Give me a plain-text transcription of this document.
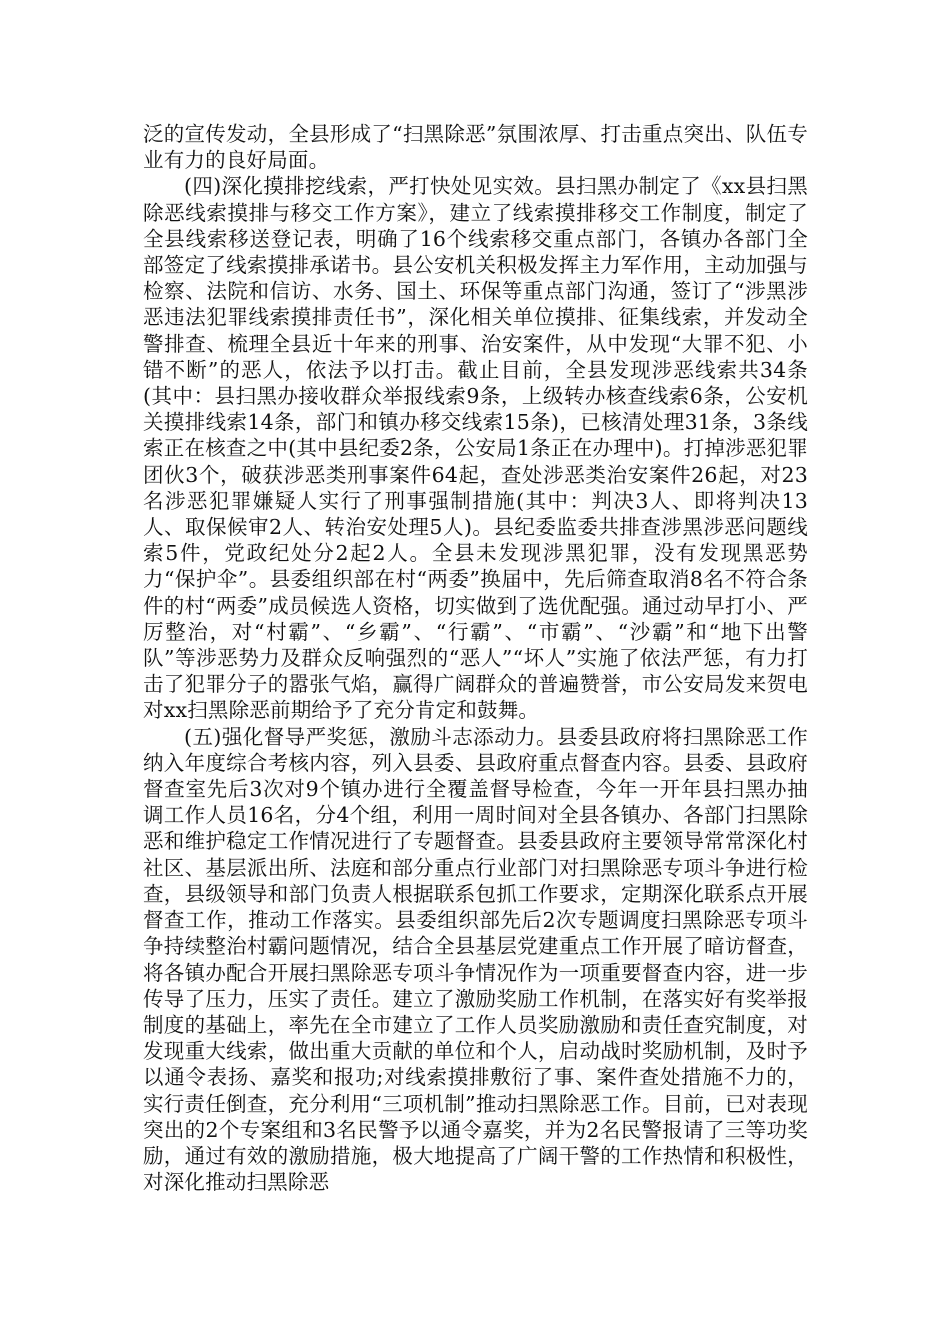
泛的宣传发动，全县形成了“扫黑除恶”氛围浓厚、打击重点突出、队伍专业有力的良好局面。

(四)深化摸排挖线索，严打快处见实效。县扫黑办制定了《xx县扫黑除恶线索摸排与移交工作方案》，建立了线索摸排移交工作制度，制定了全县线索移送登记表，明确了16个线索移交重点部门，各镇办各部门全部签定了线索摸排承诺书。县公安机关积极发挥主力军作用，主动加强与检察、法院和信访、水务、国土、环保等重点部门沟通，签订了“涉黑涉恶违法犯罪线索摸排责任书”，深化相关单位摸排、征集线索，并发动全警排查、梳理全县近十年来的刑事、治安案件，从中发现“大罪不犯、小错不断”的恶人，依法予以打击。截止目前，全县发现涉恶线索共34条(其中：县扫黑办接收群众举报线索9条，上级转办核查线索6条，公安机关摸排线索14条，部门和镇办移交线索15条)，已核清处理31条，3条线索正在核查之中(其中县纪委2条，公安局1条正在办理中)。打掉涉恶犯罪团伙3个，破获涉恶类刑事案件64起，查处涉恶类治安案件26起，对23名涉恶犯罪嫌疑人实行了刑事强制措施(其中：判决3人、即将判决13人、取保候审2人、转治安处理5人)。县纪委监委共排查涉黑涉恶问题线索5件，党政纪处分2起2人。全县未发现涉黑犯罪，没有发现黑恶势力“保护伞”。县委组织部在村“两委”换届中，先后筛查取消8名不符合条件的村“两委”成员候选人资格，切实做到了选优配强。通过动早打小、严厉整治，对“村霸”、“乡霸”、“行霸”、“市霸”、“沙霸”和“地下出警队”等涉恶势力及群众反响强烈的“恶人”“坏人”实施了依法严惩，有力打击了犯罪分子的嚣张气焰，赢得广阔群众的普遍赞誉，市公安局发来贺电对xx扫黑除恶前期给予了充分肯定和鼓舞。

(五)强化督导严奖惩，激励斗志添动力。县委县政府将扫黑除恶工作纳入年度综合考核内容，列入县委、县政府重点督查内容。县委、县政府督查室先后3次对9个镇办进行全覆盖督导检查，今年一开年县扫黑办抽调工作人员16名，分4个组，利用一周时间对全县各镇办、各部门扫黑除恶和维护稳定工作情况进行了专题督查。县委县政府主要领导常常深化村社区、基层派出所、法庭和部分重点行业部门对扫黑除恶专项斗争进行检查，县级领导和部门负责人根据联系包抓工作要求，定期深化联系点开展督查工作，推动工作落实。县委组织部先后2次专题调度扫黑除恶专项斗争持续整治村霸问题情况，结合全县基层党建重点工作开展了暗访督查，将各镇办配合开展扫黑除恶专项斗争情况作为一项重要督查内容，进一步传导了压力，压实了责任。建立了激励奖励工作机制，在落实好有奖举报制度的基础上，率先在全市建立了工作人员奖励激励和责任查究制度，对发现重大线索，做出重大贡献的单位和个人，启动战时奖励机制，及时予以通令表扬、嘉奖和报功;对线索摸排敷衍了事、案件查处措施不力的，实行责任倒查，充分利用“三项机制”推动扫黑除恶工作。目前，已对表现突出的2个专案组和3名民警予以通令嘉奖，并为2名民警报请了三等功奖励，通过有效的激励措施，极大地提高了广阔干警的工作热情和积极性，对深化推动扫黑除恶
